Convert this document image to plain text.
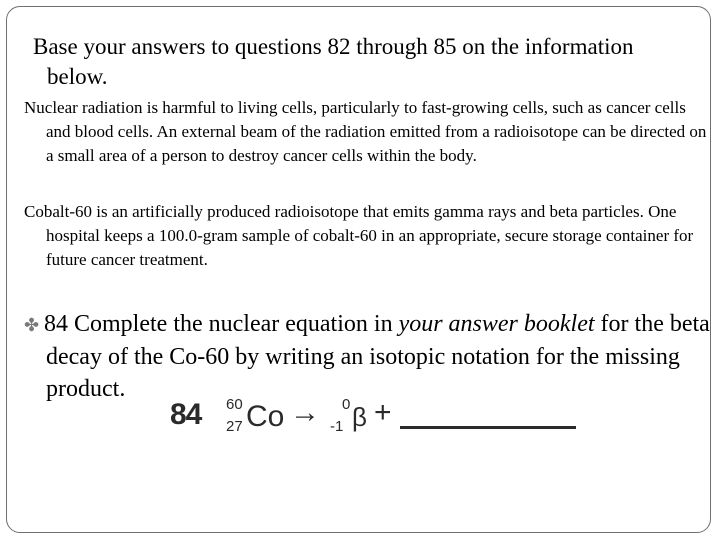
Base your answers to questions 82 through 85 on the information below.

Nuclear radiation is harmful to living cells, particularly to fast-growing cells, such as cancer cells and blood cells. An external beam of the radiation emitted from a radioisotope can be directed on a small area of a person to destroy cancer cells within the body.

Cobalt-60 is an artificially produced radioisotope that emits gamma rays and beta particles. One hospital keeps a 100.0-gram sample of cobalt-60 in an appropriate, secure storage container for future cancer treatment.

✤ 84 Complete the nuclear equation in your answer booklet for the beta decay of the Co-60 by writing an isotopic notation for the missing product.

84 60
27 Co → 0
-1 β +
